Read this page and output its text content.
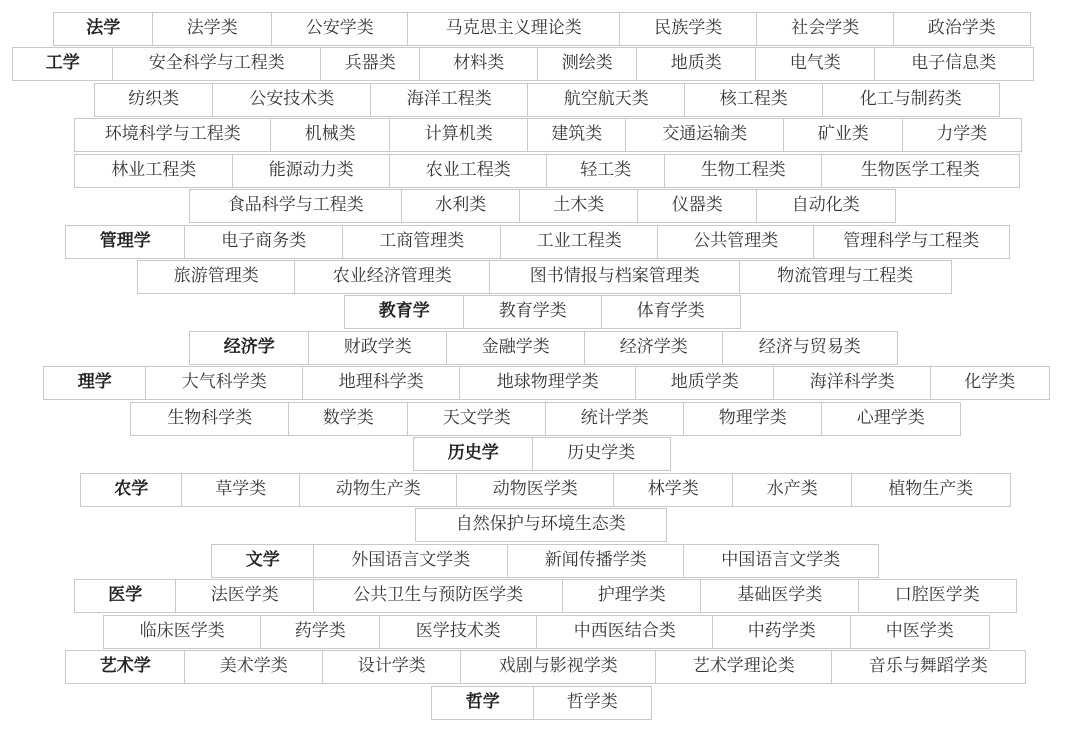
法学	法学类	公安学类	马克思主义理论类	民族学类	社会学类	政治学类
工学	安全科学与工程类	兵器类	材料类	测绘类	地质类	电气类	电子信息类
纺织类	公安技术类	海洋工程类	航空航天类	核工程类	化工与制药类
环境科学与工程类	机械类	计算机类	建筑类	交通运输类	矿业类	力学类
林业工程类	能源动力类	农业工程类	轻工类	生物工程类	生物医学工程类
食品科学与工程类	水利类	土木类	仪器类	自动化类
管理学	电子商务类	工商管理类	工业工程类	公共管理类	管理科学与工程类
旅游管理类	农业经济管理类	图书情报与档案管理类	物流管理与工程类
教育学	教育学类	体育学类
经济学	财政学类	金融学类	经济学类	经济与贸易类
理学	大气科学类	地理科学类	地球物理学类	地质学类	海洋科学类	化学类
生物科学类	数学类	天文学类	统计学类	物理学类	心理学类
历史学	历史学类
农学	草学类	动物生产类	动物医学类	林学类	水产类	植物生产类
自然保护与环境生态类
文学	外国语言文学类	新闻传播学类	中国语言文学类
医学	法医学类	公共卫生与预防医学类	护理学类	基础医学类	口腔医学类
临床医学类	药学类	医学技术类	中西医结合类	中药学类	中医学类
艺术学	美术学类	设计学类	戏剧与影视学类	艺术学理论类	音乐与舞蹈学类
哲学	哲学类
